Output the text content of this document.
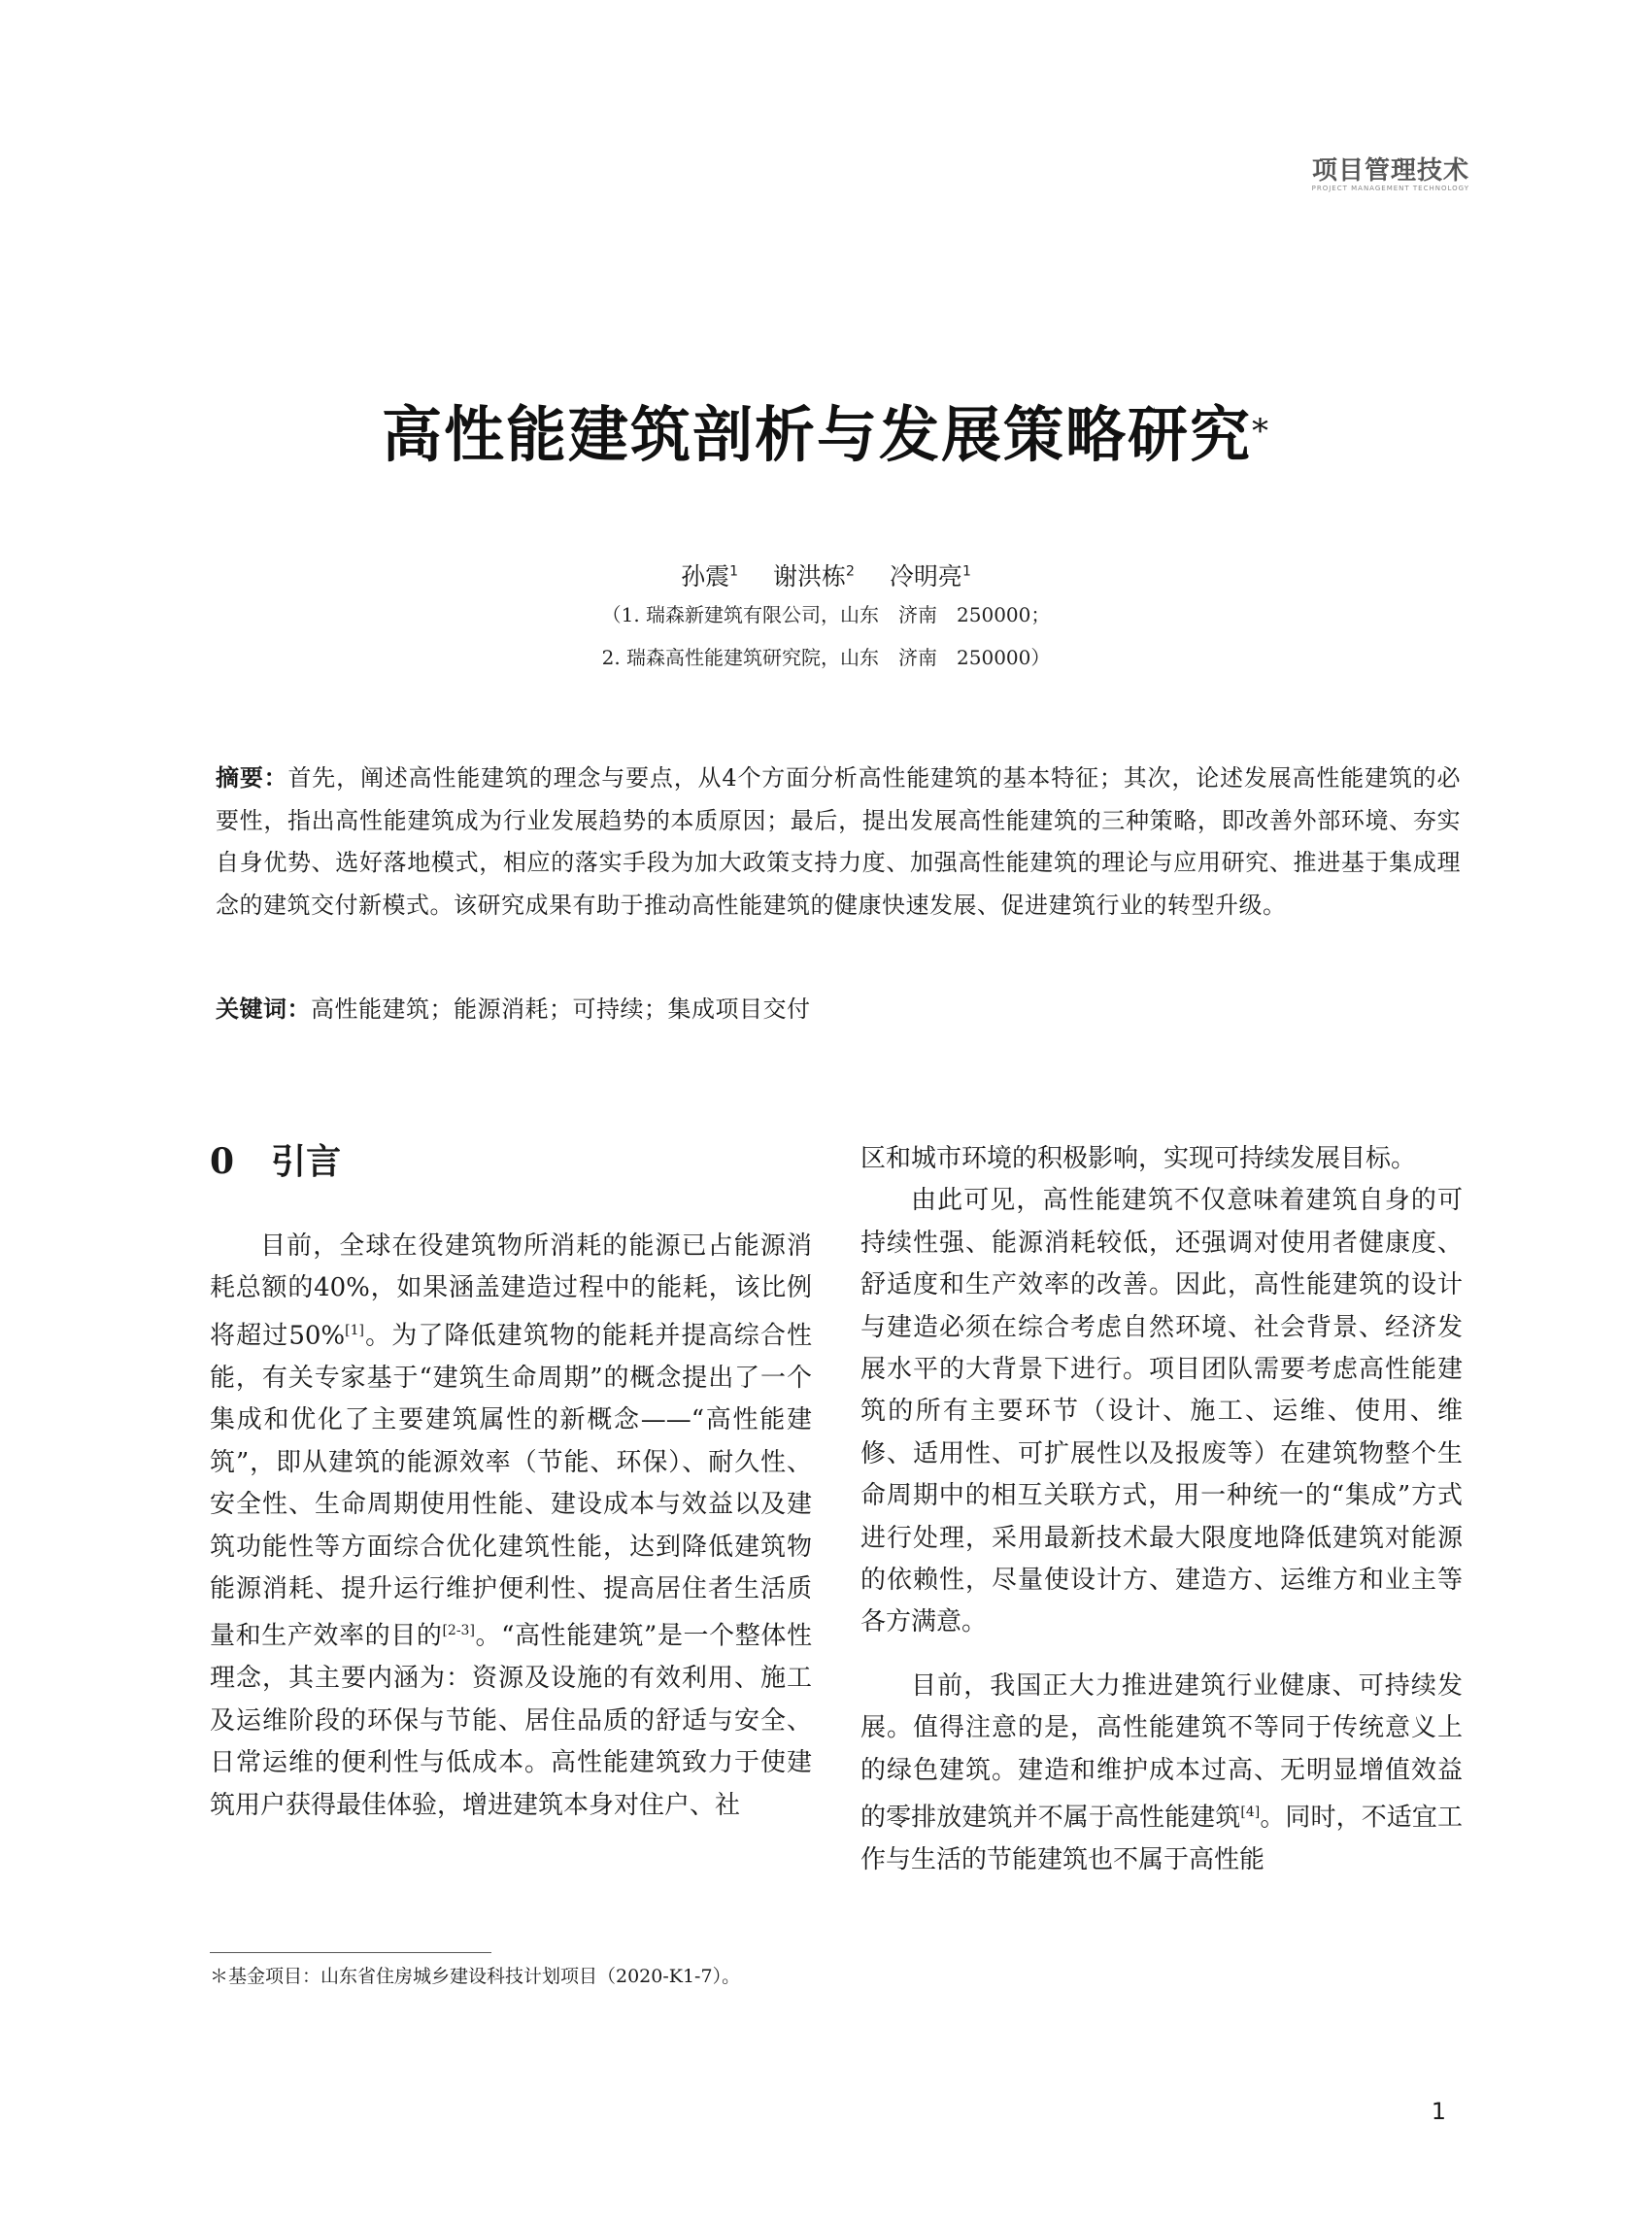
项目管理技术
PROJECT MANAGEMENT TECHNOLOGY
高性能建筑剖析与发展策略研究*
孙震$^1$ 谢洪栋$^2$ 冷明亮$^1$
（1. 瑞森新建筑有限公司，山东　济南　250000；
2. 瑞森高性能建筑研究院，山东　济南　250000）
摘要：首先，阐述高性能建筑的理念与要点，从4个方面分析高性能建筑的基本特征；其次，论述发展高性能建筑的必要性，指出高性能建筑成为行业发展趋势的本质原因；最后，提出发展高性能建筑的三种策略，即改善外部环境、夯实自身优势、选好落地模式，相应的落实手段为加大政策支持力度、加强高性能建筑的理论与应用研究、推进基于集成理念的建筑交付新模式。该研究成果有助于推动高性能建筑的健康快速发展、促进建筑行业的转型升级。
关键词：高性能建筑；能源消耗；可持续；集成项目交付
0 引言

目前，全球在役建筑物所消耗的能源已占能源消耗总额的40%，如果涵盖建造过程中的能耗，该比例将超过50%[1]。为了降低建筑物的能耗并提高综合性能，有关专家基于“建筑生命周期”的概念提出了一个集成和优化了主要建筑属性的新概念——“高性能建筑”，即从建筑的能源效率（节能、环保）、耐久性、安全性、生命周期使用性能、建设成本与效益以及建筑功能性等方面综合优化建筑性能，达到降低建筑物能源消耗、提升运行维护便利性、提高居住者生活质量和生产效率的目的[2-3]。“高性能建筑”是一个整体性理念，其主要内涵为：资源及设施的有效利用、施工及运维阶段的环保与节能、居住品质的舒适与安全、日常运维的便利性与低成本。高性能建筑致力于使建筑用户获得最佳体验，增进建筑本身对住户、社

区和城市环境的积极影响，实现可持续发展目标。

由此可见，高性能建筑不仅意味着建筑自身的可持续性强、能源消耗较低，还强调对使用者健康度、舒适度和生产效率的改善。因此，高性能建筑的设计与建造必须在综合考虑自然环境、社会背景、经济发展水平的大背景下进行。项目团队需要考虑高性能建筑的所有主要环节（设计、施工、运维、使用、维修、适用性、可扩展性以及报废等）在建筑物整个生命周期中的相互关联方式，用一种统一的“集成”方式进行处理，采用最新技术最大限度地降低建筑对能源的依赖性，尽量使设计方、建造方、运维方和业主等各方满意。

目前，我国正大力推进建筑行业健康、可持续发展。值得注意的是，高性能建筑不等同于传统意义上的绿色建筑。建造和维护成本过高、无明显增值效益的零排放建筑并不属于高性能建筑[4]。同时，不适宜工作与生活的节能建筑也不属于高性能

＊基金项目：山东省住房城乡建设科技计划项目（2020-K1-7）。
1
